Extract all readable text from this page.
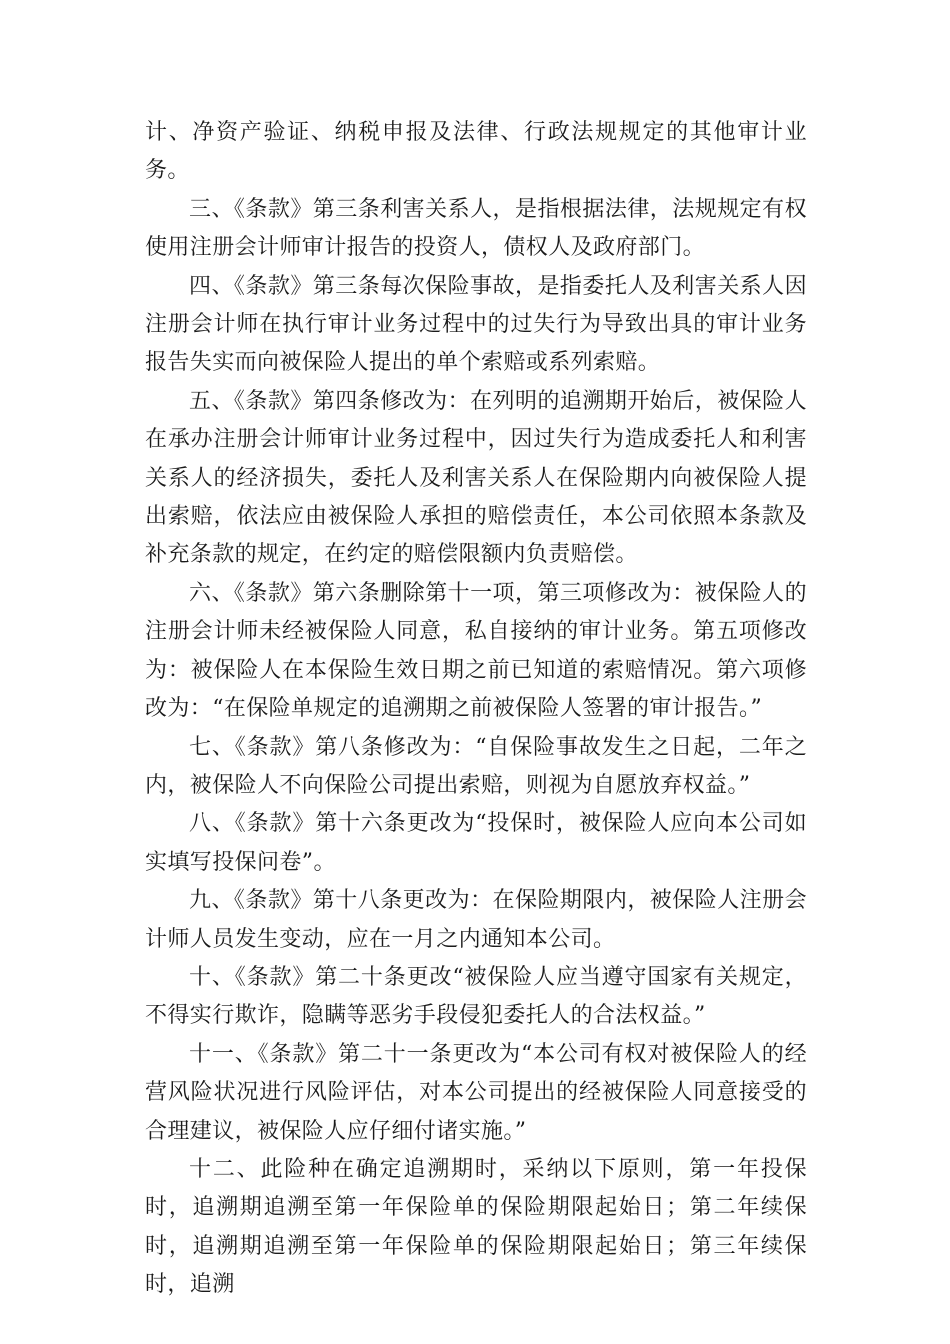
计、净资产验证、纳税申报及法律、行政法规规定的其他审计业务。

三、《条款》第三条利害关系人，是指根据法律，法规规定有权使用注册会计师审计报告的投资人，债权人及政府部门。

四、《条款》第三条每次保险事故，是指委托人及利害关系人因注册会计师在执行审计业务过程中的过失行为导致出具的审计业务报告失实而向被保险人提出的单个索赔或系列索赔。

五、《条款》第四条修改为：在列明的追溯期开始后，被保险人在承办注册会计师审计业务过程中，因过失行为造成委托人和利害关系人的经济损失，委托人及利害关系人在保险期内向被保险人提出索赔，依法应由被保险人承担的赔偿责任，本公司依照本条款及补充条款的规定，在约定的赔偿限额内负责赔偿。

六、《条款》第六条删除第十一项，第三项修改为：被保险人的注册会计师未经被保险人同意，私自接纳的审计业务。第五项修改为：被保险人在本保险生效日期之前已知道的索赔情况。第六项修改为：“在保险单规定的追溯期之前被保险人签署的审计报告。”

七、《条款》第八条修改为：“自保险事故发生之日起，二年之内，被保险人不向保险公司提出索赔，则视为自愿放弃权益。”

八、《条款》第十六条更改为“投保时，被保险人应向本公司如实填写投保问卷”。

九、《条款》第十八条更改为：在保险期限内，被保险人注册会计师人员发生变动，应在一月之内通知本公司。

十、《条款》第二十条更改“被保险人应当遵守国家有关规定，不得实行欺诈，隐瞒等恶劣手段侵犯委托人的合法权益。”

十一、《条款》第二十一条更改为“本公司有权对被保险人的经营风险状况进行风险评估，对本公司提出的经被保险人同意接受的合理建议，被保险人应仔细付诸实施。”

十二、此险种在确定追溯期时，采纳以下原则，第一年投保时，追溯期追溯至第一年保险单的保险期限起始日；第二年续保时，追溯期追溯至第一年保险单的保险期限起始日；第三年续保时，追溯
